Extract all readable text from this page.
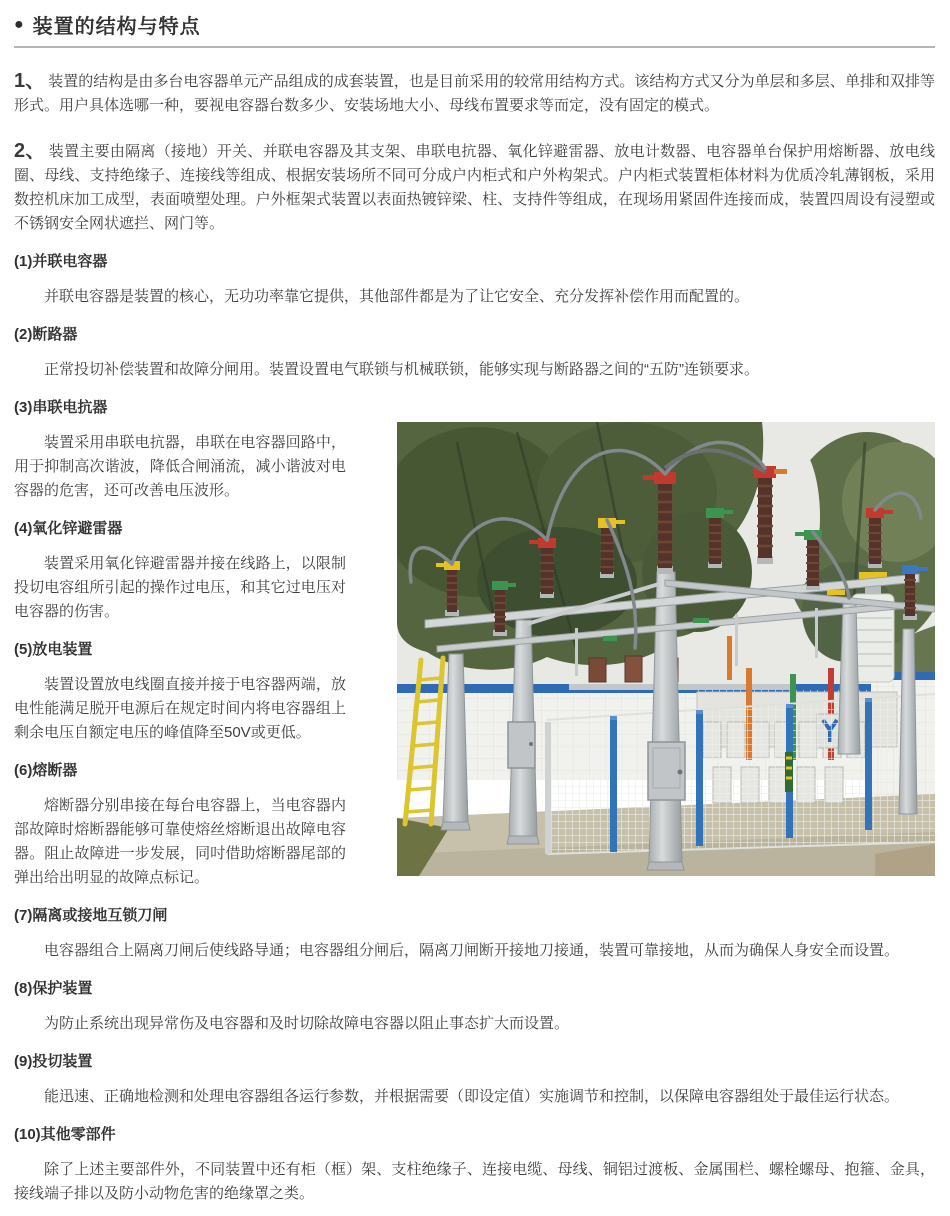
● 装置的结构与特点

1、 装置的结构是由多台电容器单元产品组成的成套装置，也是目前采用的较常用结构方式。该结构方式又分为单层和多层、单排和双排等形式。用户具体选哪一种，要视电容器台数多少、安装场地大小、母线布置要求等而定，没有固定的模式。

2、 装置主要由隔离（接地）开关、并联电容器及其支架、串联电抗器、氧化锌避雷器、放电计数器、电容器单台保护用熔断器、放电线圈、母线、支持绝缘子、连接线等组成、根据安装场所不同可分成户内柜式和户外构架式。户内柜式装置柜体材料为优质冷轧薄钢板，采用数控机床加工成型，表面喷塑处理。户外框架式装置以表面热镀锌梁、柱、支持件等组成，在现场用紧固件连接而成，装置四周设有浸塑或不锈钢安全网状遮拦、网门等。

(1)并联电容器

并联电容器是装置的核心，无功功率靠它提供，其他部件都是为了让它安全、充分发挥补偿作用而配置的。

(2)断路器

正常投切补偿装置和故障分闸用。装置设置电气联锁与机械联锁，能够实现与断路器之间的“五防”连锁要求。

(3)串联电抗器

装置采用串联电抗器，串联在电容器回路中，用于抑制高次谐波，降低合闸涌流，减小谐波对电容器的危害，还可改善电压波形。

(4)氧化锌避雷器

装置采用氧化锌避雷器并接在线路上，以限制投切电容组所引起的操作过电压，和其它过电压对电容器的伤害。

(5)放电装置

装置设置放电线圈直接并接于电容器两端，放电性能满足脱开电源后在规定时间内将电容器组上剩余电压自额定电压的峰值降至50V或更低。

(6)熔断器

熔断器分别串接在每台电容器上，当电容器内部故障时熔断器能够可靠使熔丝熔断退出故障电容器。阻止故障进一步发展，同吋借助熔断器尾部的弹出给出明显的故障点标记。

(7)隔离或接地互锁刀闸

电容器组合上隔离刀闸后使线路导通；电容器组分闸后，隔离刀闸断开接地刀接通，装置可靠接地，从而为确保人身安全而设置。

(8)保护装置

为防止系统出现异常伤及电容器和及时切除故障电容器以阻止事态扩大而设置。

(9)投切装置

能迅速、正确地检测和处理电容器组各运行参数，并根据需要（即设定值）实施调节和控制，以保障电容器组处于最佳运行状态。

(10)其他零部件

除了上述主要部件外，不同装置中还有柜（框）架、支柱绝缘子、连接电缆、母线、铜铝过渡板、金属围栏、螺栓螺母、抱箍、金具，接线端子排以及防小动物危害的绝缘罩之类。
